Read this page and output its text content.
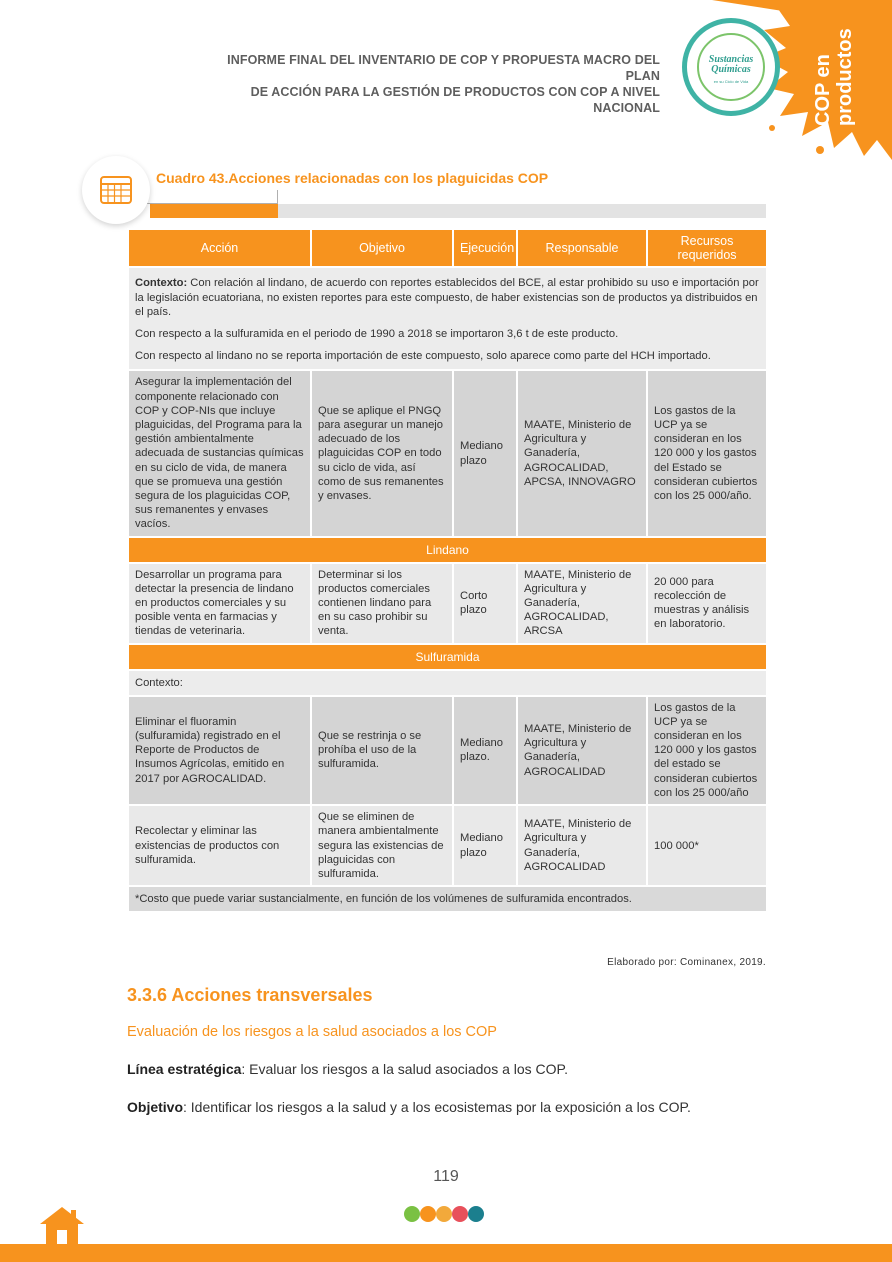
INFORME FINAL DEL INVENTARIO DE COP Y PROPUESTA MACRO DEL PLAN
DE ACCIÓN PARA LA GESTIÓN DE PRODUCTOS CON COP A NIVEL NACIONAL
Sustancias
Químicas
en su Ciclo de Vida	COP en productos
Cuadro 43.Acciones relacionadas con los plaguicidas COP
Acción	Objetivo	Ejecución	Responsable	Recursos requeridos

Contexto: Con relación al lindano, de acuerdo con reportes establecidos del BCE, al estar prohibido su uso e importación por la legislación ecuatoriana, no existen reportes para este compuesto, de haber existencias son de productos ya distribuidos en el país.

Con respecto a la sulfuramida en el periodo de 1990 a 2018 se importaron 3,6 t de este producto.

Con respecto al lindano no se reporta importación de este compuesto, solo aparece como parte del HCH importado.				

Asegurar la implementación del componente relacionado con COP y COP-NIs que incluye plaguicidas, del Programa para la gestión ambientalmente adecuada de sustancias químicas en su ciclo de vida, de manera que se promueva una gestión segura de los plaguicidas COP, sus remanentes y envases vacíos.	Que se aplique el PNGQ para asegurar un manejo adecuado de los plaguicidas COP en todo su ciclo de vida, así como de sus remanentes y envases.	Mediano plazo	MAATE, Ministerio de Agricultura y Ganadería, AGROCALIDAD, APCSA, INNOVAGRO	Los gastos de la UCP ya se consideran en los 120 000 y los gastos del Estado se consideran cubiertos con los 25 000/año.
Lindano				
Desarrollar un programa para detectar la presencia de lindano en productos comerciales y su posible venta en farmacias y tiendas de veterinaria.	Determinar si los productos comerciales contienen lindano para en su caso prohibir su venta.	Corto plazo	MAATE, Ministerio de Agricultura y Ganadería, AGROCALIDAD, ARCSA	20 000 para recolección de muestras y análisis en laboratorio.
Sulfuramida				
Contexto:				
Eliminar el fluoramin (sulfuramida) registrado en el Reporte de Productos de Insumos Agrícolas, emitido en 2017 por AGROCALIDAD.	Que se restrinja o se prohíba el uso de la sulfuramida.	Mediano plazo.	MAATE, Ministerio de Agricultura y Ganadería, AGROCALIDAD	Los gastos de la UCP ya se consideran en los 120 000 y los gastos del estado se consideran cubiertos con los 25 000/año
Recolectar y eliminar las existencias de productos con sulfuramida.	Que se eliminen de manera ambientalmente segura las existencias de plaguicidas con sulfuramida.	Mediano plazo	MAATE, Ministerio de Agricultura y Ganadería, AGROCALIDAD	100 000*
*Costo que puede variar sustancialmente, en función de los volúmenes de sulfuramida encontrados.				
Elaborado por: Cominanex, 2019.
3.3.6 Acciones transversales
Evaluación de los riesgos a la salud asociados a los COP
Línea estratégica: Evaluar los riesgos a la salud asociados a los COP.
Objetivo: Identificar los riesgos a la salud y a los ecosistemas por la exposición a los COP.
119
